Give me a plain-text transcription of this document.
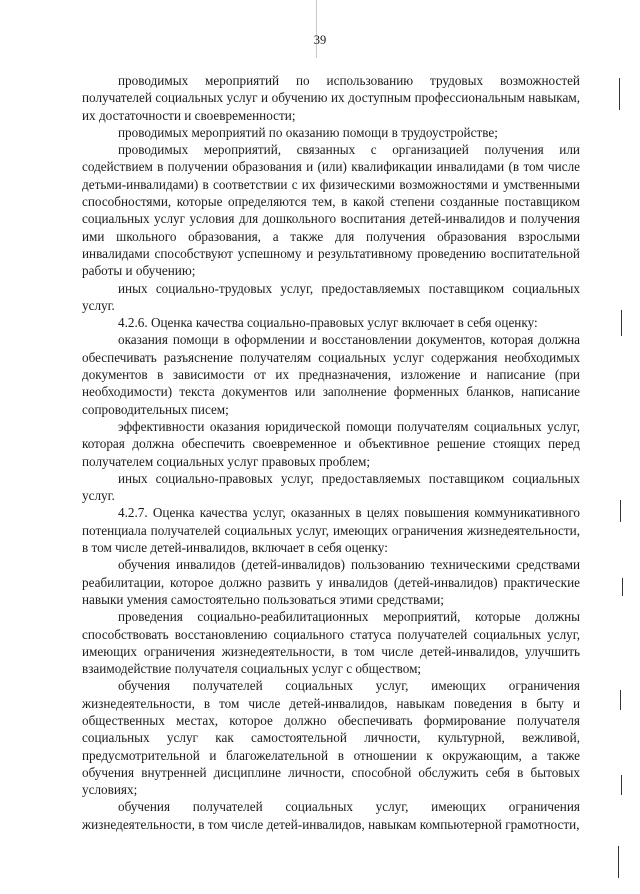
39

проводимых мероприятий по использованию трудовых возможностей получателей социальных услуг и обучению их доступным профессиональным навыкам, их достаточности и своевременности;

проводимых мероприятий по оказанию помощи в трудоустройстве;

проводимых мероприятий, связанных с организацией получения или содействием в получении образования и (или) квалификации инвалидами (в том числе детьми-инвалидами) в соответствии с их физическими возможностями и умственными способностями, которые определяются тем, в какой степени созданные поставщиком социальных услуг условия для дошкольного воспитания детей-инвалидов и получения ими школьного образования, а также для получения образования взрослыми инвалидами способствуют успешному и результативному проведению воспитательной работы и обучению;

иных социально-трудовых услуг, предоставляемых поставщиком социальных услуг.

4.2.6. Оценка качества социально-правовых услуг включает в себя оценку:

оказания помощи в оформлении и восстановлении документов, которая должна обеспечивать разъяснение получателям социальных услуг содержания необходимых документов в зависимости от их предназначения, изложение и написание (при необходимости) текста документов или заполнение форменных бланков, написание сопроводительных писем;

эффективности оказания юридической помощи получателям социальных услуг, которая должна обеспечить своевременное и объективное решение стоящих перед получателем социальных услуг правовых проблем;

иных социально-правовых услуг, предоставляемых поставщиком социальных услуг.

4.2.7. Оценка качества услуг, оказанных в целях повышения коммуникативного потенциала получателей социальных услуг, имеющих ограничения жизнедеятельности, в том числе детей-инвалидов, включает в себя оценку:

обучения инвалидов (детей-инвалидов) пользованию техническими средствами реабилитации, которое должно развить у инвалидов (детей-инвалидов) практические навыки умения самостоятельно пользоваться этими средствами;

проведения социально-реабилитационных мероприятий, которые должны способствовать восстановлению социального статуса получателей социальных услуг, имеющих ограничения жизнедеятельности, в том числе детей-инвалидов, улучшить взаимодействие получателя социальных услуг с обществом;

обучения получателей социальных услуг, имеющих ограничения жизнедеятельности, в том числе детей-инвалидов, навыкам поведения в быту и общественных местах, которое должно обеспечивать формирование получателя социальных услуг как самостоятельной личности, культурной, вежливой, предусмотрительной и благожелательной в отношении к окружающим, а также обучения внутренней дисциплине личности, способной обслужить себя в бытовых условиях;

обучения получателей социальных услуг, имеющих ограничения жизнедеятельности, в том числе детей-инвалидов, навыкам компьютерной грамотности,
